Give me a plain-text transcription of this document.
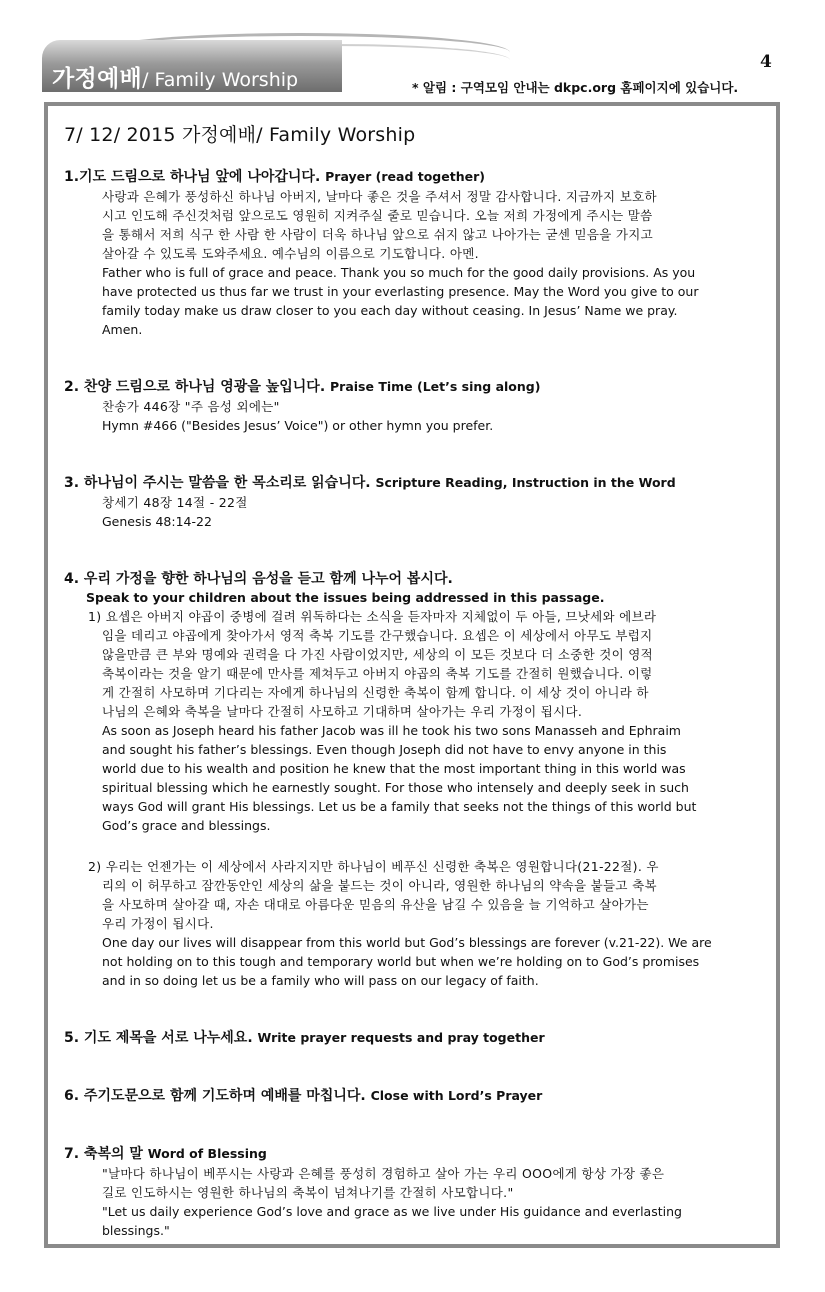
가정예배/ Family Worship
4
* 알림 : 구역모임 안내는 dkpc.org 홈페이지에 있습니다.
7/ 12/ 2015 가정예배/ Family Worship

1.기도 드림으로 하나님 앞에 나아갑니다. Prayer (read together)

사랑과 은혜가 풍성하신 하나님 아버지, 날마다 좋은 것을 주셔서 정말 감사합니다. 지금까지 보호하
시고 인도해 주신것처럼 앞으로도 영원히 지켜주실 줄로 믿습니다. 오늘 저희 가정에게 주시는 말씀
을 통해서 저희 식구 한 사람 한 사람이 더욱 하나님 앞으로 쉬지 않고 나아가는 굳센 믿음을 가지고
살아갈 수 있도록 도와주세요. 예수님의 이름으로 기도합니다. 아멘.
Father who is full of grace and peace. Thank you so much for the good daily provisions. As you
have protected us thus far we trust in your everlasting presence. May the Word you give to our
family today make us draw closer to you each day without ceasing. In Jesus’ Name we pray.
Amen.

2. 찬양 드림으로 하나님 영광을 높입니다. Praise Time (Let’s sing along)

찬송가 446장 "주 음성 외에는"
Hymn #466 ("Besides Jesus’ Voice") or other hymn you prefer.

3. 하나님이 주시는 말씀을 한 목소리로 읽습니다. Scripture Reading, Instruction in the Word

창세기 48장 14절 - 22절
Genesis 48:14-22

4. 우리 가정을 향한 하나님의 음성을 듣고 함께 나누어 봅시다.

Speak to your children about the issues being addressed in this passage.
1) 요셉은 아버지 야곱이 중병에 걸려 위독하다는 소식을 듣자마자 지체없이 두 아들, 므낫세와 에브라
임을 데리고 야곱에게 찾아가서 영적 축복 기도를 간구했습니다. 요셉은 이 세상에서 아무도 부럽지
않을만큼 큰 부와 명예와 권력을 다 가진 사람이었지만, 세상의 이 모든 것보다 더 소중한 것이 영적
축복이라는 것을 알기 때문에 만사를 제쳐두고 아버지 야곱의 축복 기도를 간절히 원했습니다. 이렇
게 간절히 사모하며 기다리는 자에게 하나님의 신령한 축복이 함께 합니다. 이 세상 것이 아니라 하
나님의 은혜와 축복을 날마다 간절히 사모하고 기대하며 살아가는 우리 가정이 됩시다.
As soon as Joseph heard his father Jacob was ill he took his two sons Manasseh and Ephraim
and sought his father’s blessings. Even though Joseph did not have to envy anyone in this
world due to his wealth and position he knew that the most important thing in this world was
spiritual blessing which he earnestly sought. For those who intensely and deeply seek in such
ways God will grant His blessings. Let us be a family that seeks not the things of this world but
God’s grace and blessings.
2) 우리는 언젠가는 이 세상에서 사라지지만 하나님이 베푸신 신령한 축복은 영원합니다(21-22절). 우
리의 이 허무하고 잠깐동안인 세상의 삶을 붙드는 것이 아니라, 영원한 하나님의 약속을 붙들고 축복
을 사모하며 살아갈 때, 자손 대대로 아름다운 믿음의 유산을 남길 수 있음을 늘 기억하고 살아가는
우리 가정이 됩시다.
One day our lives will disappear from this world but God’s blessings are forever (v.21-22). We are
not holding on to this tough and temporary world but when we’re holding on to God’s promises
and in so doing let us be a family who will pass on our legacy of faith.

5. 기도 제목을 서로 나누세요. Write prayer requests and pray together

6. 주기도문으로 함께 기도하며 예배를 마칩니다. Close with Lord’s Prayer

7. 축복의 말 Word of Blessing

"날마다 하나님이 베푸시는 사랑과 은혜를 풍성히 경험하고 살아 가는 우리 OOO에게 항상 가장 좋은
길로 인도하시는 영원한 하나님의 축복이 넘쳐나기를 간절히 사모합니다."
"Let us daily experience God’s love and grace as we live under His guidance and everlasting
blessings."
